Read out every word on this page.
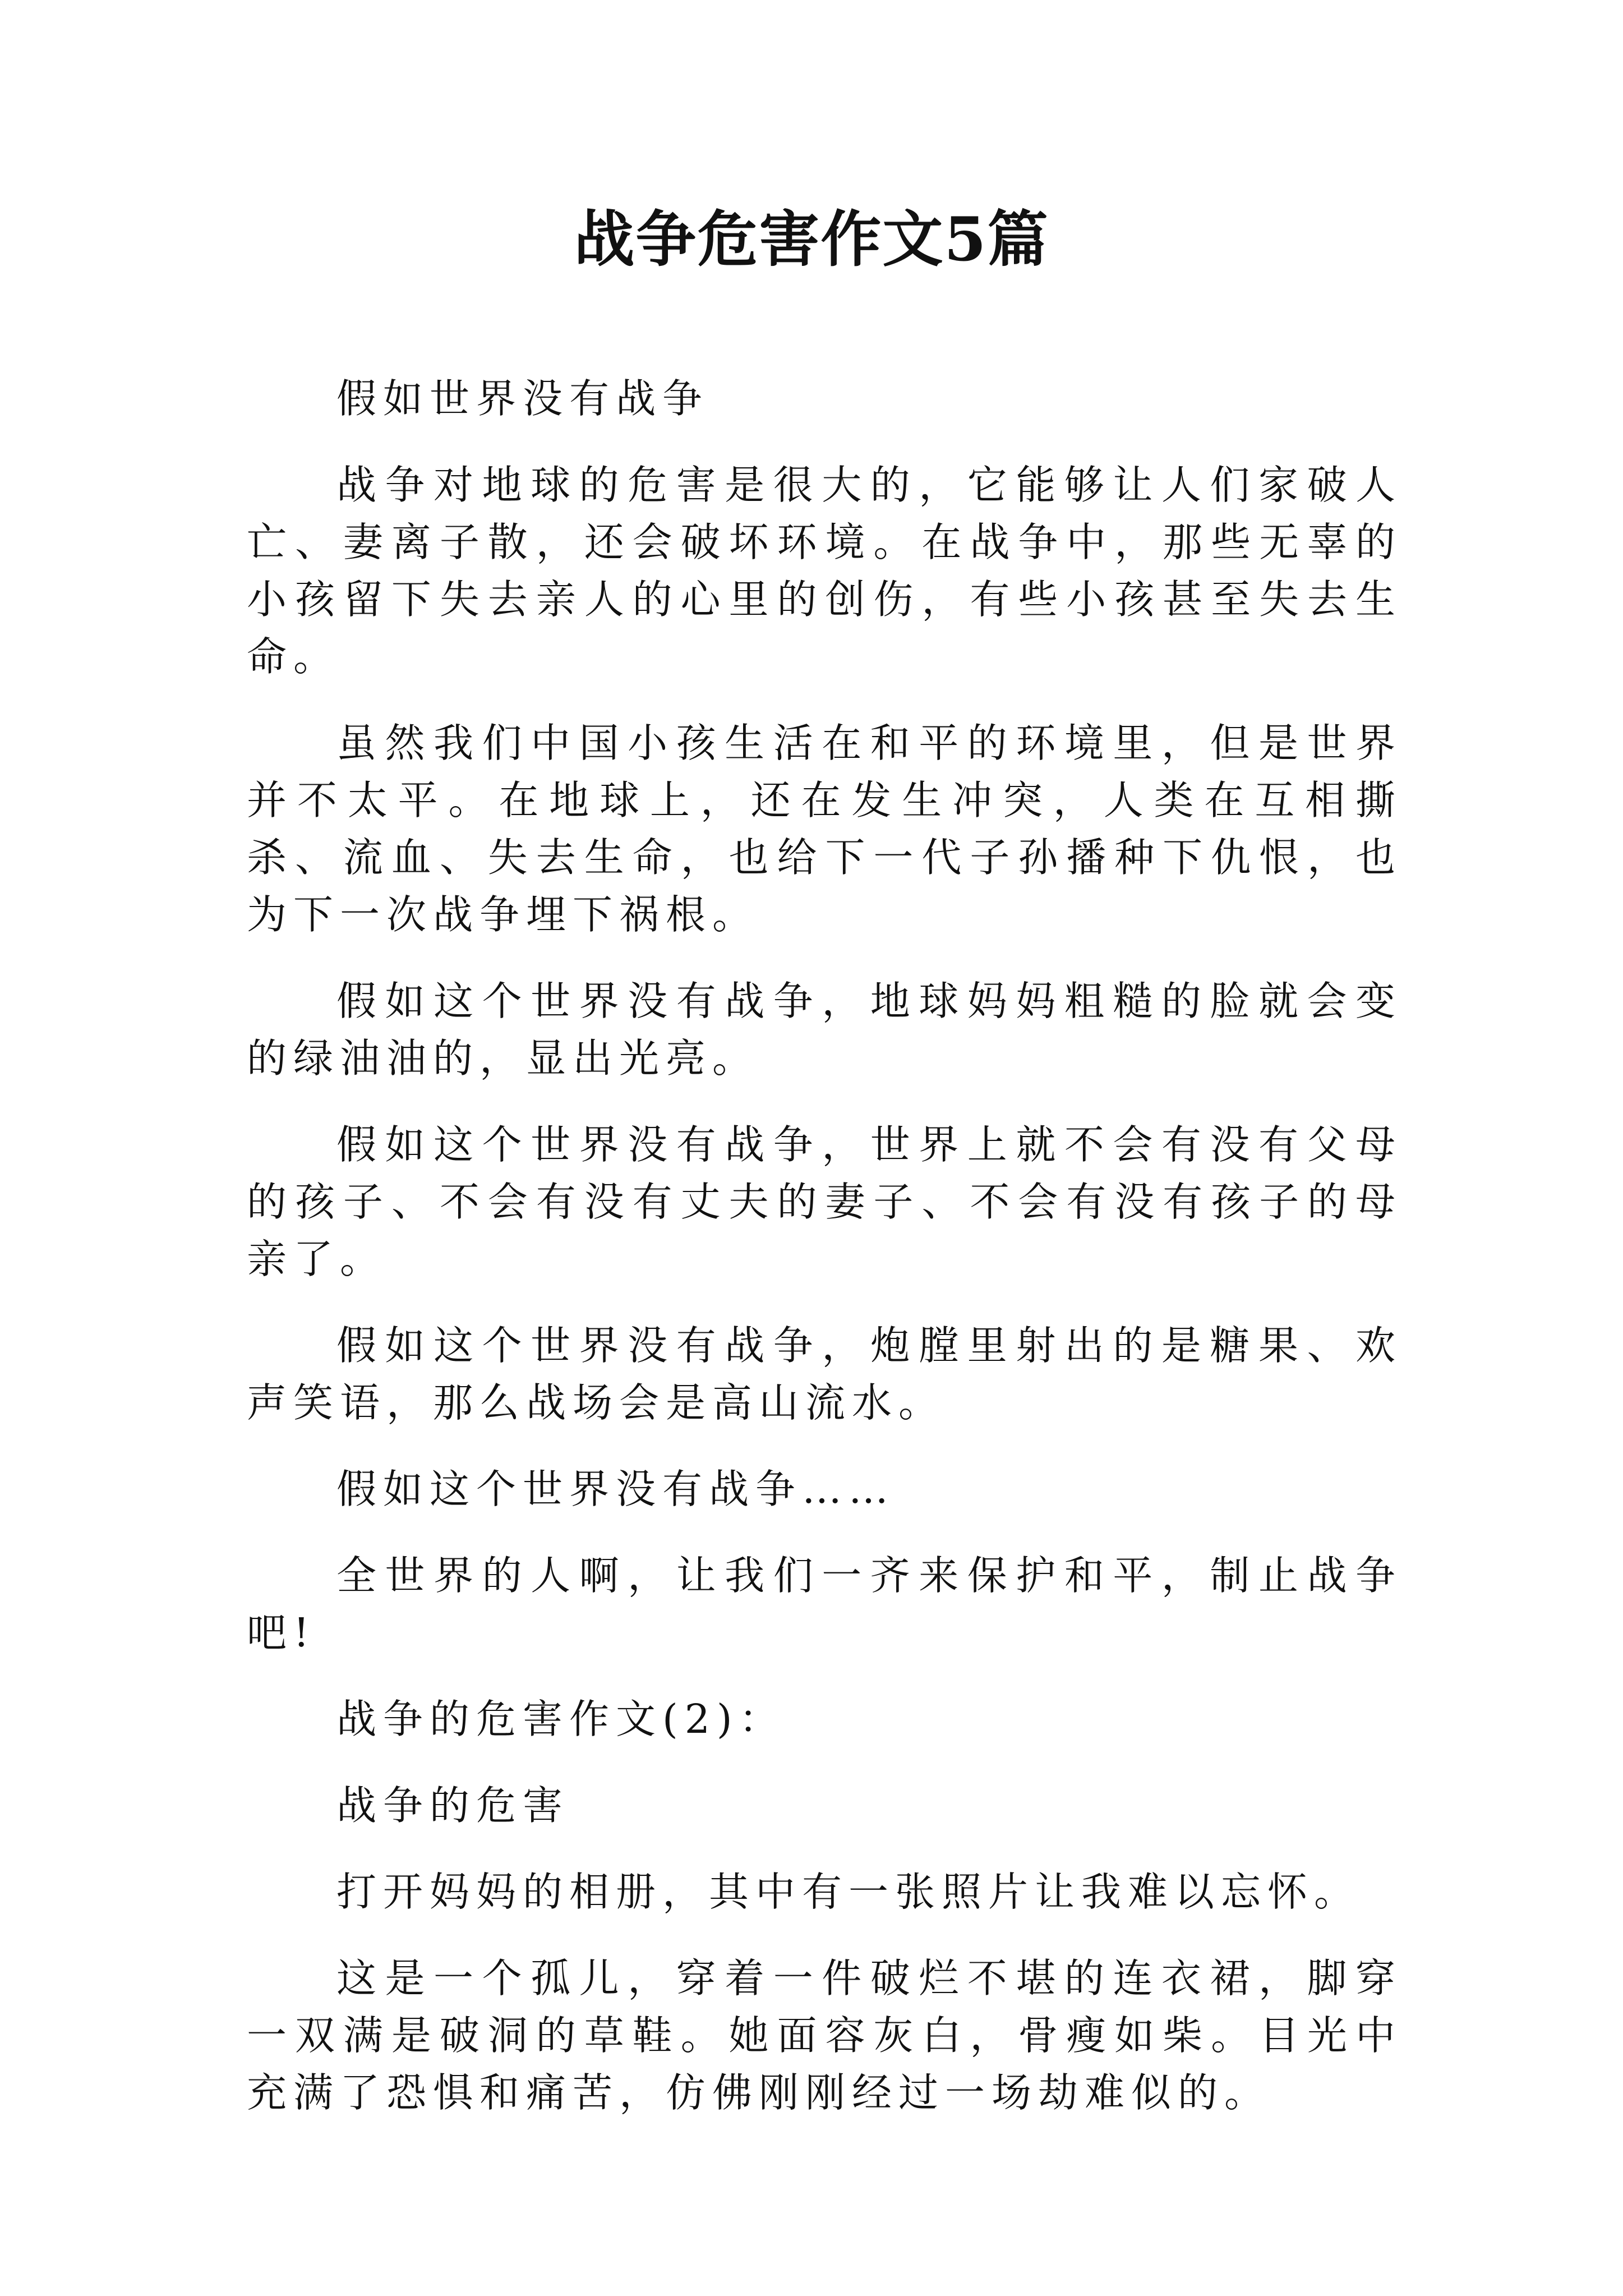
战争危害作文5篇

假如世界没有战争

战争对地球的危害是很大的，它能够让人们家破人亡、妻离子散，还会破坏环境。在战争中，那些无辜的小孩留下失去亲人的心里的创伤，有些小孩甚至失去生命。

虽然我们中国小孩生活在和平的环境里，但是世界并不太平。在地球上，还在发生冲突，人类在互相撕杀、流血、失去生命，也给下一代子孙播种下仇恨，也为下一次战争埋下祸根。

假如这个世界没有战争，地球妈妈粗糙的脸就会变的绿油油的，显出光亮。

假如这个世界没有战争，世界上就不会有没有父母的孩子、不会有没有丈夫的妻子、不会有没有孩子的母亲了。

假如这个世界没有战争，炮膛里射出的是糖果、欢声笑语，那么战场会是高山流水。

假如这个世界没有战争……

全世界的人啊，让我们一齐来保护和平，制止战争吧!

战争的危害作文(2)：

战争的危害

打开妈妈的相册，其中有一张照片让我难以忘怀。

这是一个孤儿，穿着一件破烂不堪的连衣裙，脚穿一双满是破洞的草鞋。她面容灰白，骨瘦如柴。目光中充满了恐惧和痛苦，仿佛刚刚经过一场劫难似的。
